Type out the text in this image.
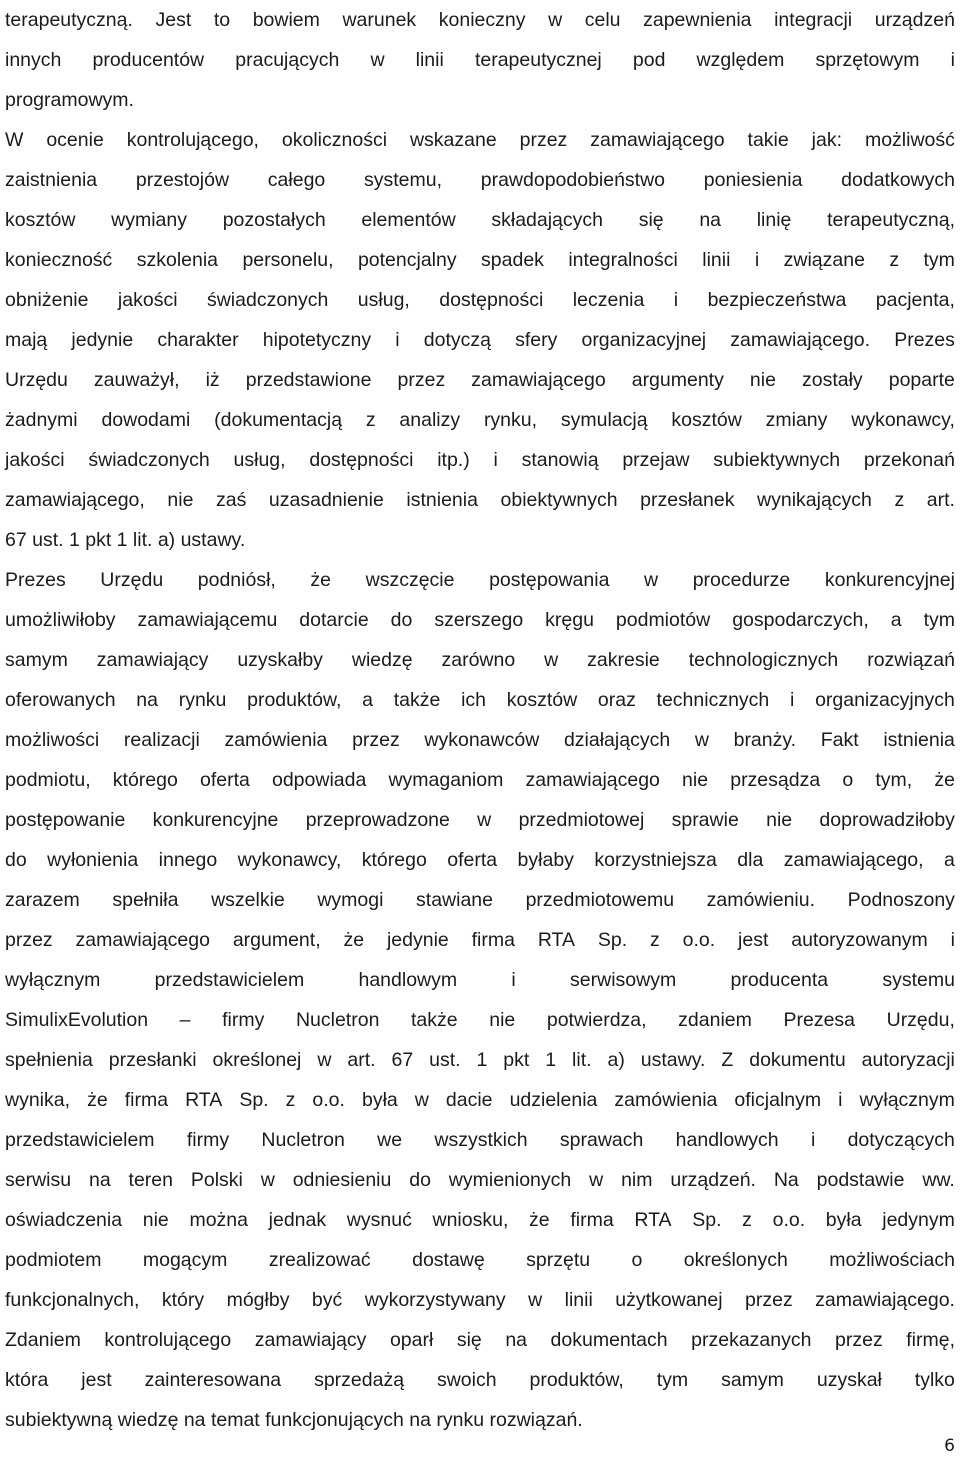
terapeutyczną. Jest to bowiem warunek konieczny w celu zapewnienia integracji urządzeń
innych producentów pracujących w linii terapeutycznej pod względem sprzętowym i
programowym.
W ocenie kontrolującego, okoliczności wskazane przez zamawiającego takie jak: możliwość
zaistnienia przestojów całego systemu, prawdopodobieństwo poniesienia dodatkowych
kosztów wymiany pozostałych elementów składających się na linię terapeutyczną,
konieczność szkolenia personelu, potencjalny spadek integralności linii i związane z tym
obniżenie jakości świadczonych usług, dostępności leczenia i bezpieczeństwa pacjenta,
mają jedynie charakter hipotetyczny i dotyczą sfery organizacyjnej zamawiającego. Prezes
Urzędu zauważył, iż przedstawione przez zamawiającego argumenty nie zostały poparte
żadnymi dowodami (dokumentacją z analizy rynku, symulacją kosztów zmiany wykonawcy,
jakości świadczonych usług, dostępności itp.) i stanowią przejaw subiektywnych przekonań
zamawiającego, nie zaś uzasadnienie istnienia obiektywnych przesłanek wynikających z art.
67 ust. 1 pkt 1 lit. a) ustawy.
Prezes Urzędu podniósł, że wszczęcie postępowania w procedurze konkurencyjnej
umożliwiłoby zamawiającemu dotarcie do szerszego kręgu podmiotów gospodarczych, a tym
samym zamawiający uzyskałby wiedzę zarówno w zakresie technologicznych rozwiązań
oferowanych na rynku produktów, a także ich kosztów oraz technicznych i organizacyjnych
możliwości realizacji zamówienia przez wykonawców działających w branży. Fakt istnienia
podmiotu, którego oferta odpowiada wymaganiom zamawiającego nie przesądza o tym, że
postępowanie konkurencyjne przeprowadzone w przedmiotowej sprawie nie doprowadziłoby
do wyłonienia innego wykonawcy, którego oferta byłaby korzystniejsza dla zamawiającego, a
zarazem spełniła wszelkie wymogi stawiane przedmiotowemu zamówieniu. Podnoszony
przez zamawiającego argument, że jedynie firma RTA Sp. z o.o. jest autoryzowanym i
wyłącznym	przedstawicielem	handlowym	i	serwisowym	producenta	systemu
SimulixEvolution – firmy Nucletron także nie potwierdza, zdaniem Prezesa Urzędu,
spełnienia przesłanki określonej w art. 67 ust. 1 pkt 1 lit. a) ustawy. Z dokumentu autoryzacji
wynika, że firma RTA Sp. z o.o. była w dacie udzielenia zamówienia oficjalnym i wyłącznym
przedstawicielem firmy Nucletron we wszystkich sprawach handlowych i dotyczących
serwisu na teren Polski w odniesieniu do wymienionych w nim urządzeń. Na podstawie ww.
oświadczenia nie można jednak wysnuć wniosku, że firma RTA Sp. z o.o. była jedynym
podmiotem mogącym zrealizować dostawę sprzętu o określonych możliwościach
funkcjonalnych, który mógłby być wykorzystywany w linii użytkowanej przez zamawiającego.
Zdaniem kontrolującego zamawiający oparł się na dokumentach przekazanych przez firmę,
która jest zainteresowana sprzedażą swoich produktów, tym samym uzyskał tylko
subiektywną wiedzę na temat funkcjonujących na rynku rozwiązań.
6
